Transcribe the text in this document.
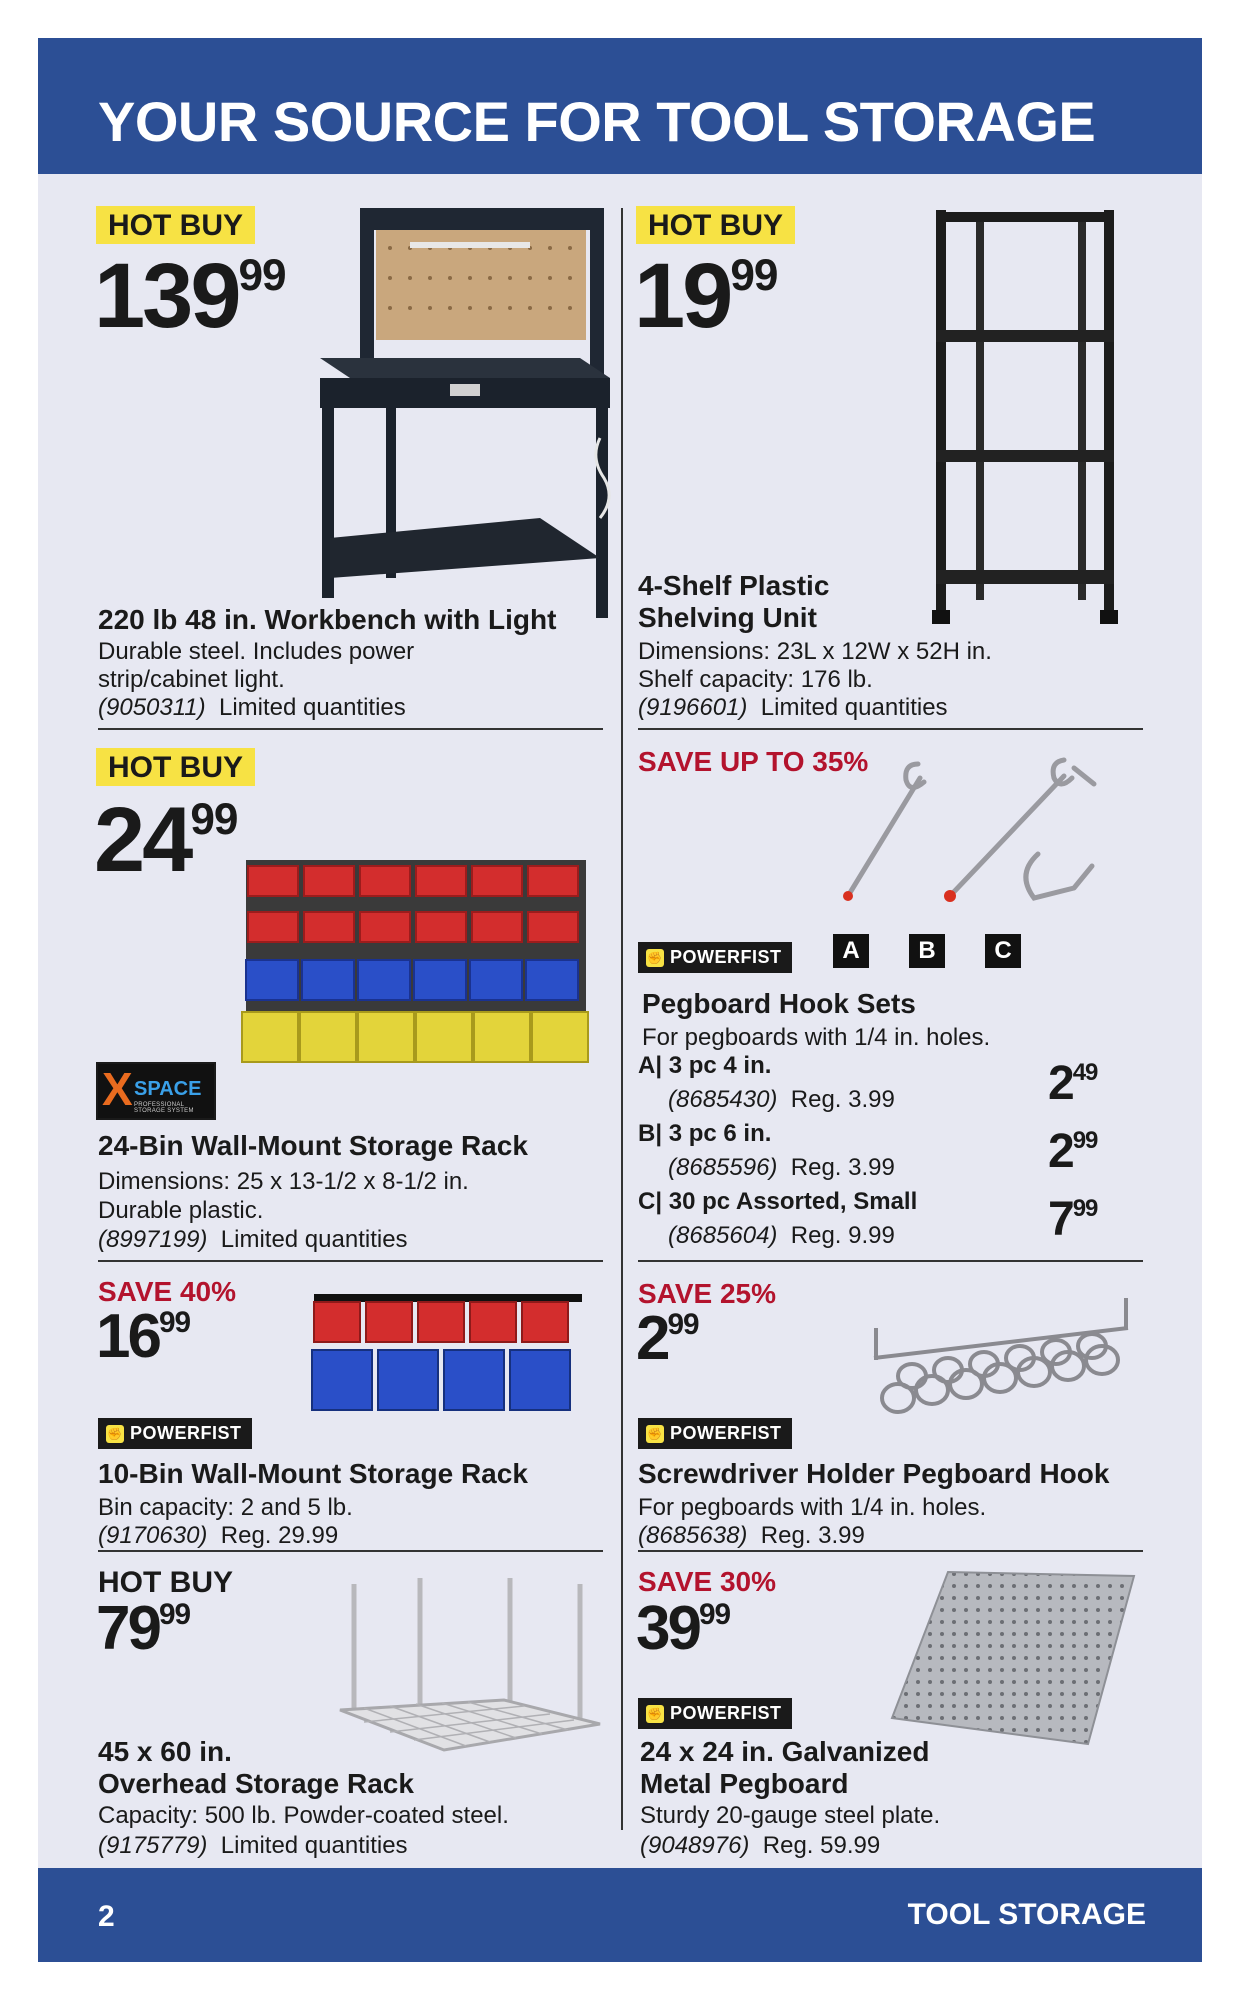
YOUR SOURCE FOR TOOL STORAGE
HOT BUY
$139^{99}$
220 lb 48 in. Workbench with Light
Durable steel. Includes power
strip/cabinet light.
HOT BUY
$19^{99}$
4-Shelf Plastic
Shelving Unit
Dimensions: 23L x 12W x 52H in.
Shelf capacity: 176 lb.
HOT BUY
$24^{99}$
X SPACE
PROFESSIONAL STORAGE SYSTEM
24-Bin Wall-Mount Storage Rack
Dimensions: 25 x 13-1/2 x 8-1/2 in.
Durable plastic.
(8997199) Limited quantities
SAVE UP TO 35%
A	B	C
✊ POWERFIST
Pegboard Hook Sets
For pegboards with 1/4 in. holes.
A| 3 pc 4 in.
(8685430) Reg. 3.99	$2^{49}$
B| 3 pc 6 in.
(8685596) Reg. 3.99	$2^{99}$
C| 30 pc Assorted, Small
(8685604) Reg. 9.99	$7^{99}$
SAVE 40%
$16^{99}$
✊ POWERFIST
10-Bin Wall-Mount Storage Rack
Bin capacity: 2 and 5 lb.
SAVE 25%
$2^{99}$
✊ POWERFIST
Screwdriver Holder Pegboard Hook
For pegboards with 1/4 in. holes.
HOT BUY
$79^{99}$
45 x 60 in.
Overhead Storage Rack
Capacity: 500 lb. Powder-coated steel.
SAVE 30%
$39^{99}$
✊ POWERFIST
24 x 24 in. Galvanized
Metal Pegboard
Sturdy 20-gauge steel plate.
2	TOOL STORAGE
(9050311) Limited quantities	(9196601) Limited quantities
(9170630) Reg. 29.99	(8685638) Reg. 3.99
(9175779) Limited quantities	(9048976) Reg. 59.99
